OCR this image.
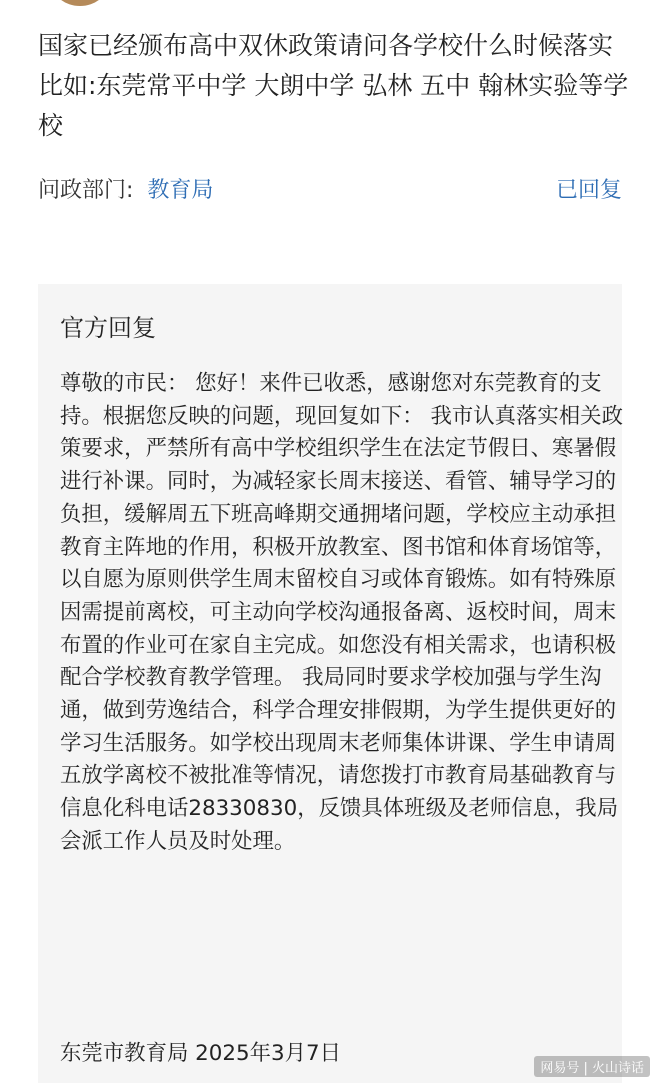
国家已经颁布高中双休政策请问各学校什么时候落实比如:东莞常平中学 大朗中学 弘林 五中 翰林实验等学校
问政部门: 教育局	已回复
官方回复

尊敬的市民： 您好！来件已收悉，感谢您对东莞教育的支持。根据您反映的问题，现回复如下： 我市认真落实相关政策要求，严禁所有高中学校组织学生在法定节假日、寒暑假进行补课。同时，为减轻家长周末接送、看管、辅导学习的负担，缓解周五下班高峰期交通拥堵问题，学校应主动承担教育主阵地的作用，积极开放教室、图书馆和体育场馆等，以自愿为原则供学生周末留校自习或体育锻炼。如有特殊原因需提前离校，可主动向学校沟通报备离、返校时间，周末布置的作业可在家自主完成。如您没有相关需求，也请积极配合学校教育教学管理。 我局同时要求学校加强与学生沟通，做到劳逸结合，科学合理安排假期，为学生提供更好的学习生活服务。如学校出现周末老师集体讲课、学生申请周五放学离校不被批准等情况，请您拨打市教育局基础教育与信息化科电话28330830，反馈具体班级及老师信息，我局会派工作人员及时处理。

东莞市教育局 2025年3月7日
网易号 | 火山诗话
